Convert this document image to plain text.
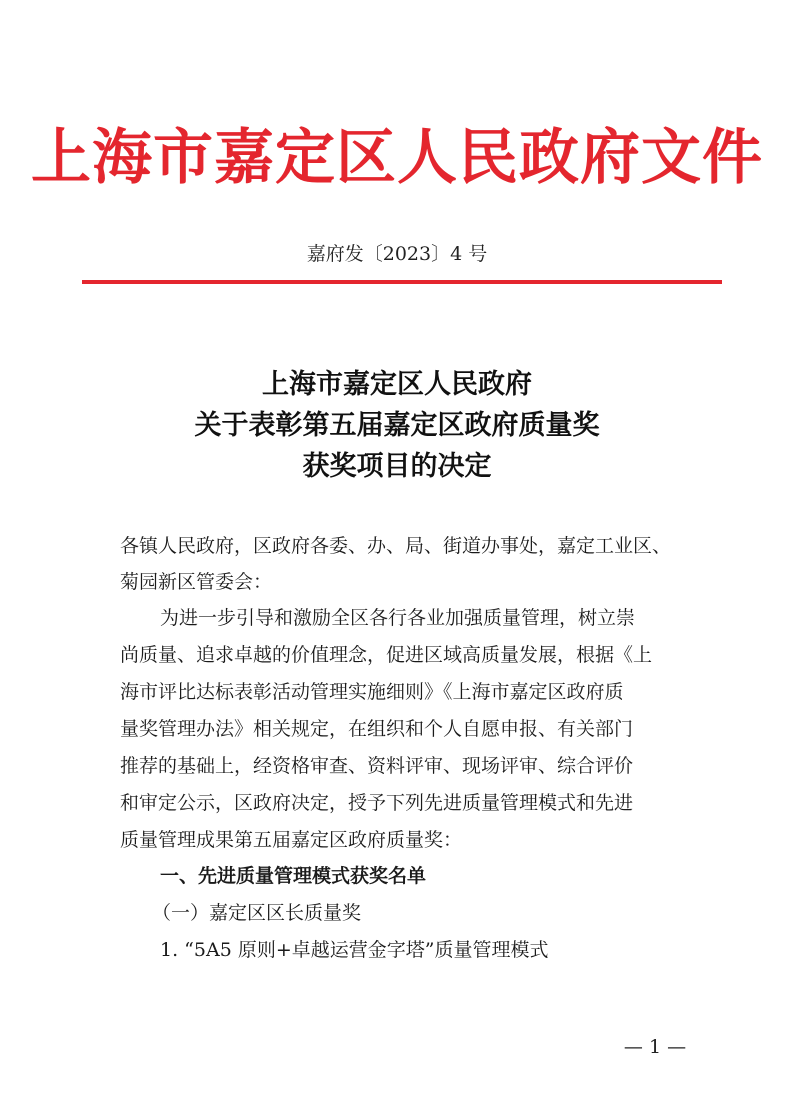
上海市嘉定区人民政府文件
嘉府发〔2023〕4 号
上海市嘉定区人民政府
关于表彰第五届嘉定区政府质量奖
获奖项目的决定
各镇人民政府，区政府各委、办、局、街道办事处，嘉定工业区、
菊园新区管委会：
为进一步引导和激励全区各行各业加强质量管理，树立崇
尚质量、追求卓越的价值理念，促进区域高质量发展，根据《上
海市评比达标表彰活动管理实施细则》《上海市嘉定区政府质
量奖管理办法》相关规定，在组织和个人自愿申报、有关部门
推荐的基础上，经资格审查、资料评审、现场评审、综合评价
和审定公示，区政府决定，授予下列先进质量管理模式和先进
质量管理成果第五届嘉定区政府质量奖：
一、先进质量管理模式获奖名单
（一）嘉定区区长质量奖
1. “5A5 原则+卓越运营金字塔”质量管理模式
— 1 —
